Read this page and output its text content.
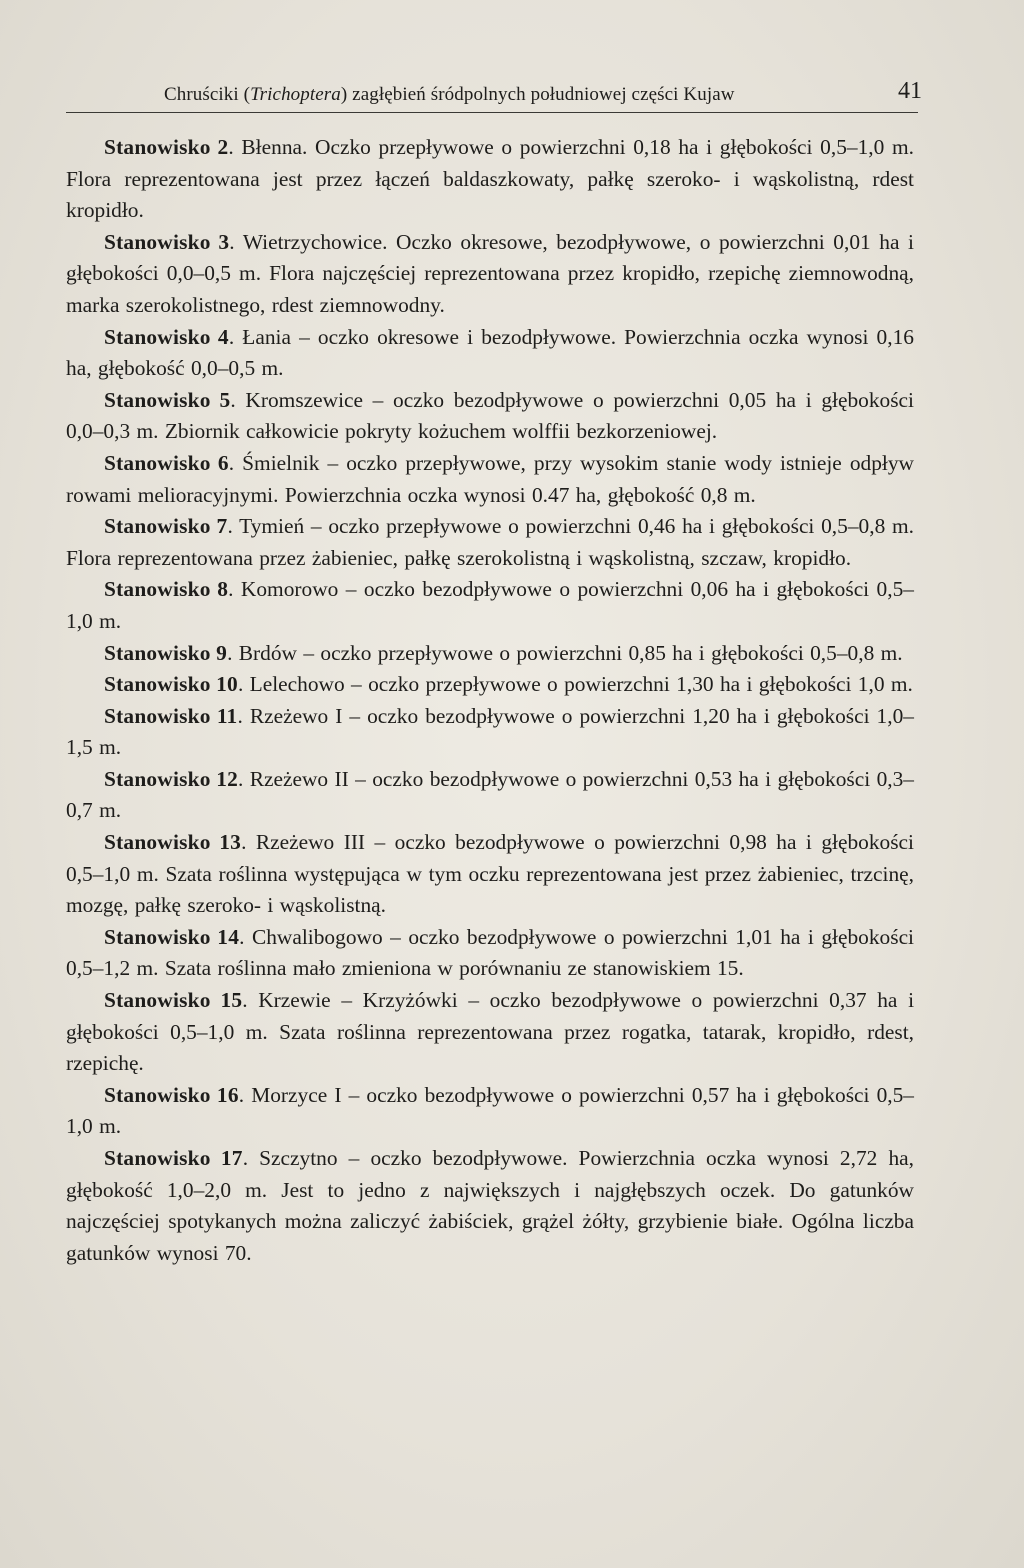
Chruściki (Trichoptera) zagłębień śródpolnych południowej części Kujaw	41

Stanowisko 2. Błenna. Oczko przepływowe o powierzchni 0,18 ha i głębokości 0,5–1,0 m. Flora reprezentowana jest przez łączeń baldaszkowaty, pałkę szeroko- i wąskolistną, rdest kropidło.

Stanowisko 3. Wietrzychowice. Oczko okresowe, bezodpływowe, o powierzchni 0,01 ha i głębokości 0,0–0,5 m. Flora najczęściej reprezentowana przez kropidło, rzepichę ziemnowodną, marka szerokolistnego, rdest ziemnowodny.

Stanowisko 4. Łania – oczko okresowe i bezodpływowe. Powierzchnia oczka wynosi 0,16 ha, głębokość 0,0–0,5 m.

Stanowisko 5. Kromszewice – oczko bezodpływowe o powierzchni 0,05 ha i głębokości 0,0–0,3 m. Zbiornik całkowicie pokryty kożuchem wolffii bezkorzeniowej.

Stanowisko 6. Śmielnik – oczko przepływowe, przy wysokim stanie wody istnieje odpływ rowami melioracyjnymi. Powierzchnia oczka wynosi 0.47 ha, głębokość 0,8 m.

Stanowisko 7. Tymień – oczko przepływowe o powierzchni 0,46 ha i głębokości 0,5–0,8 m. Flora reprezentowana przez żabieniec, pałkę szerokolistną i wąskolistną, szczaw, kropidło.

Stanowisko 8. Komorowo – oczko bezodpływowe o powierzchni 0,06 ha i głębokości 0,5–1,0 m.

Stanowisko 9. Brdów – oczko przepływowe o powierzchni 0,85 ha i głębokości 0,5–0,8 m.

Stanowisko 10. Lelechowo – oczko przepływowe o powierzchni 1,30 ha i głębokości 1,0 m.

Stanowisko 11. Rzeżewo I – oczko bezodpływowe o powierzchni 1,20 ha i głębokości 1,0–1,5 m.

Stanowisko 12. Rzeżewo II – oczko bezodpływowe o powierzchni 0,53 ha i głębokości 0,3–0,7 m.

Stanowisko 13. Rzeżewo III – oczko bezodpływowe o powierzchni 0,98 ha i głębokości 0,5–1,0 m. Szata roślinna występująca w tym oczku reprezentowana jest przez żabieniec, trzcinę, mozgę, pałkę szeroko- i wąskolistną.

Stanowisko 14. Chwalibogowo – oczko bezodpływowe o powierzchni 1,01 ha i głębokości 0,5–1,2 m. Szata roślinna mało zmieniona w porównaniu ze stanowiskiem 15.

Stanowisko 15. Krzewie – Krzyżówki – oczko bezodpływowe o powierzchni 0,37 ha i głębokości 0,5–1,0 m. Szata roślinna reprezentowana przez rogatka, tatarak, kropidło, rdest, rzepichę.

Stanowisko 16. Morzyce I – oczko bezodpływowe o powierzchni 0,57 ha i głębokości 0,5–1,0 m.

Stanowisko 17. Szczytno – oczko bezodpływowe. Powierzchnia oczka wynosi 2,72 ha, głębokość 1,0–2,0 m. Jest to jedno z największych i najgłębszych oczek. Do gatunków najczęściej spotykanych można zaliczyć żabiściek, grążel żółty, grzybienie białe. Ogólna liczba gatunków wynosi 70.
